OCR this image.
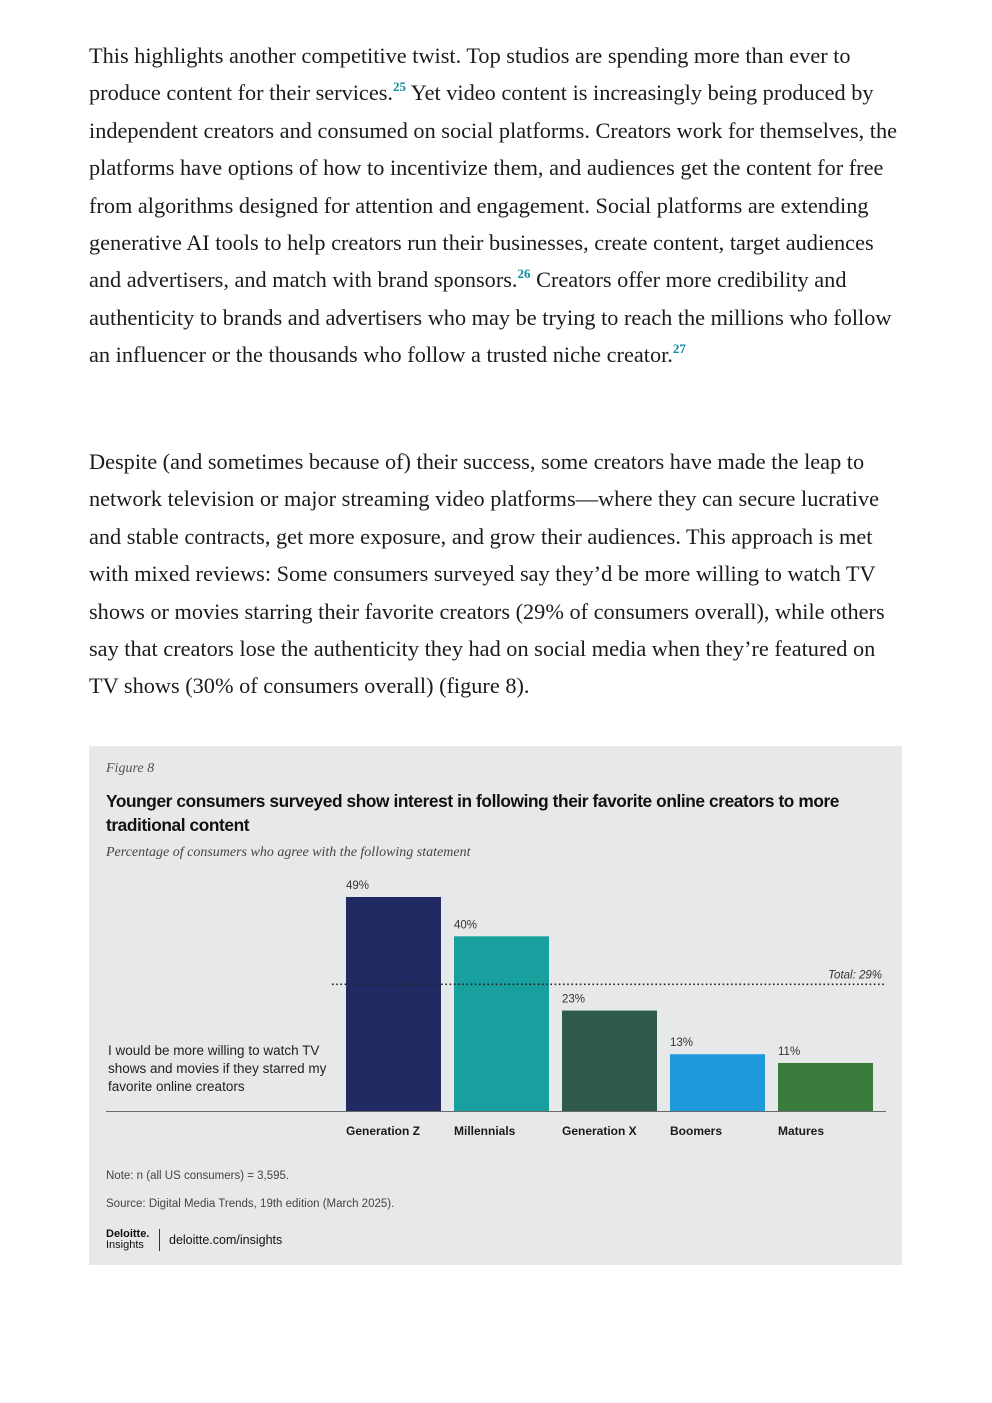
This highlights another competitive twist. Top studios are spending more than ever to produce content for their services.$^{25}$ Yet video content is increasingly being produced by independent creators and consumed on social platforms. Creators work for themselves, the platforms have options of how to incentivize them, and audiences get the content for free from algorithms designed for attention and engagement. Social platforms are extending generative AI tools to help creators run their businesses, create content, target audiences and advertisers, and match with brand sponsors.$^{26}$ Creators offer more credibility and authenticity to brands and advertisers who may be trying to reach the millions who follow an influencer or the thousands who follow a trusted niche creator.$^{27}$

Despite (and sometimes because of) their success, some creators have made the leap to network television or major streaming video platforms—where they can secure lucrative and stable contracts, get more exposure, and grow their audiences. This approach is met with mixed reviews: Some consumers surveyed say they’d be more willing to watch TV shows or movies starring their favorite creators (29% of consumers overall), while others say that creators lose the authenticity they had on social media when they’re featured on TV shows (30% of consumers overall) (figure 8).

Figure 8
Younger consumers surveyed show interest in following their favorite online creators to more traditional content
Percentage of consumers who agree with the following statement
49%
Generation Z
40%
Millennials
23%
Generation X
13%
Boomers
11%
Matures
Total: 29%
I would be more willing to watch TV shows and movies if they starred my favorite online creators
Note: n (all US consumers) = 3,595.
Source: Digital Media Trends, 19th edition (March 2025).
Deloitte.
Insights deloitte.com/insights
